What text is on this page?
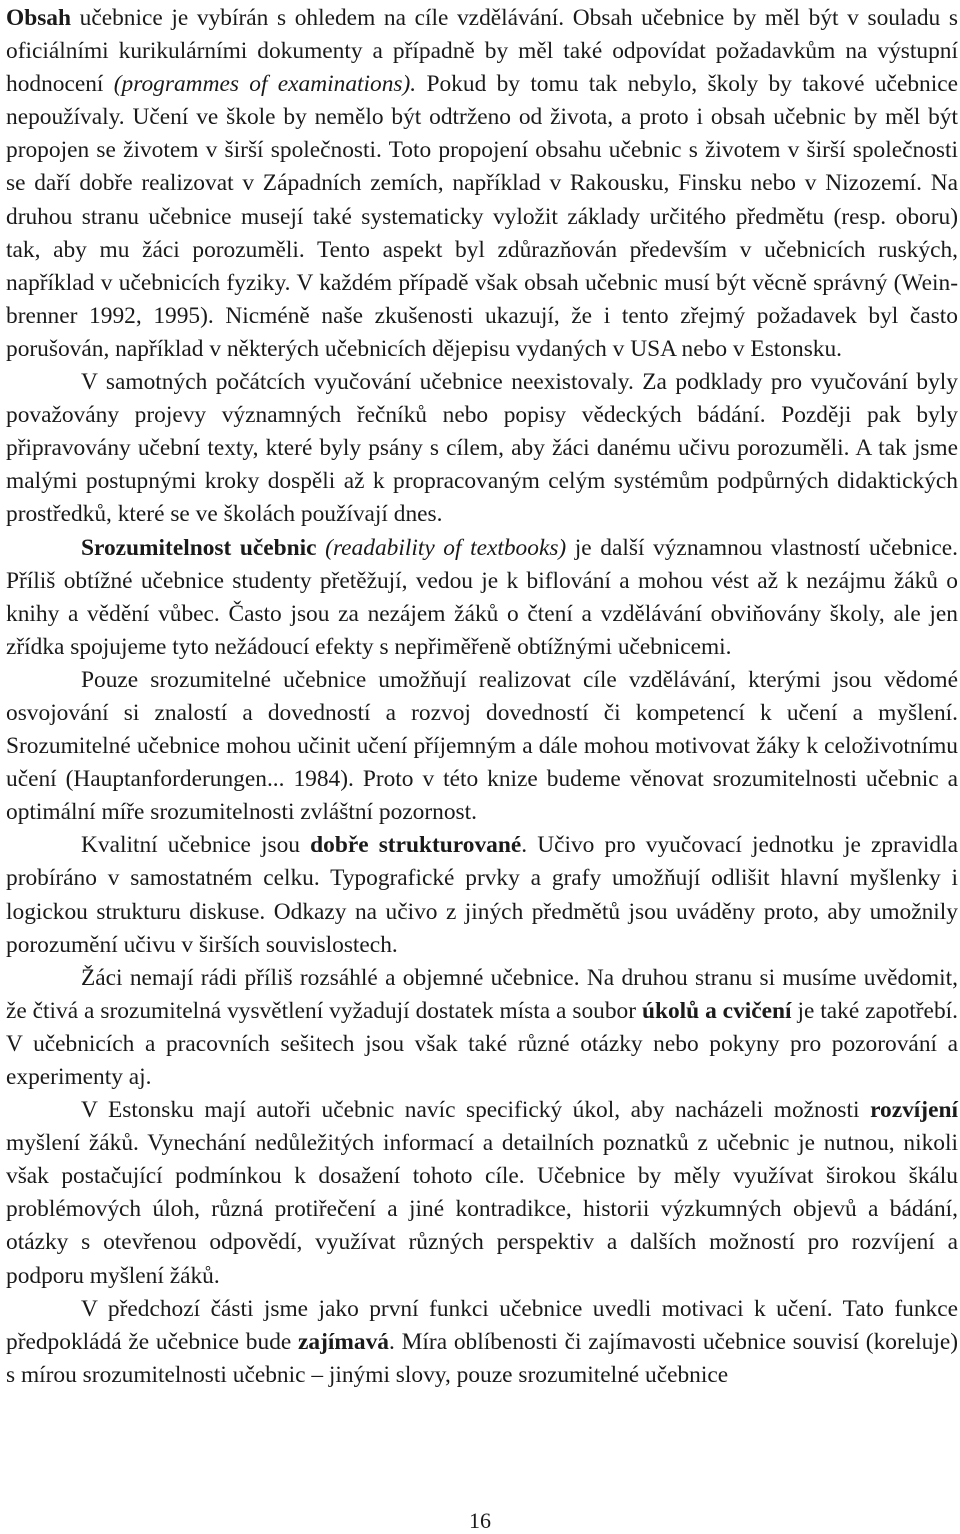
Obsah učebnice je vybírán s ohledem na cíle vzdělávání. Obsah učebnice by měl být v souladu s oficiálními kurikulárními dokumenty a případně by měl také odpovídat požadavkům na výstupní hodnocení (programmes of examinations). Pokud by tomu tak nebylo, školy by takové učebnice nepoužívaly. Učení ve škole by nemělo být odtrženo od života, a proto i obsah učebnic by měl být propojen se životem v širší společnosti. Toto propojení obsahu učebnic s životem v širší společnosti se daří dobře realizovat v Západních zemích, například v Rakousku, Finsku nebo v Nizozemí. Na druhou stranu učebnice musejí také systematicky vyložit základy určitého předmětu (resp. oboru) tak, aby mu žáci porozuměli. Tento aspekt byl zdůrazňován především v učebnicích ruských, například v učebnicích fyziky. V každém případě však obsah učebnic musí být věcně správný (Weinbrenner 1992, 1995). Nicméně naše zkušenosti ukazují, že i tento zřejmý požadavek byl často porušován, například v některých učebnicích dějepisu vydaných v USA nebo v Estonsku.

V samotných počátcích vyučování učebnice neexistovaly. Za podklady pro vyučování byly považovány projevy významných řečníků nebo popisy vědeckých bádání. Později pak byly připravovány učební texty, které byly psány s cílem, aby žáci danému učivu porozuměli. A tak jsme malými postupnými kroky dospěli až k propracovaným celým systémům podpůrných didaktických prostředků, které se ve školách používají dnes.

Srozumitelnost učebnic (readability of textbooks) je další významnou vlastností učebnice. Příliš obtížné učebnice studenty přetěžují, vedou je k biflování a mohou vést až k nezájmu žáků o knihy a vědění vůbec. Často jsou za nezájem žáků o čtení a vzdělávání obviňovány školy, ale jen zřídka spojujeme tyto nežádoucí efekty s nepřiměřeně obtížnými učebnicemi.

Pouze srozumitelné učebnice umožňují realizovat cíle vzdělávání, kterými jsou vědomé osvojování si znalostí a dovedností a rozvoj dovedností či kompetencí k učení a myšlení. Srozumitelné učebnice mohou učinit učení příjemným a dále mohou motivovat žáky k celoživotnímu učení (Hauptanforderungen... 1984). Proto v této knize budeme věnovat srozumitelnosti učebnic a optimální míře srozumitelnosti zvláštní pozornost.

Kvalitní učebnice jsou dobře strukturované. Učivo pro vyučovací jednotku je zpravidla probíráno v samostatném celku. Typografické prvky a grafy umožňují odlišit hlavní myšlenky i logickou strukturu diskuse. Odkazy na učivo z jiných předmětů jsou uváděny proto, aby umožnily porozumění učivu v širších souvislostech.

Žáci nemají rádi příliš rozsáhlé a objemné učebnice. Na druhou stranu si musíme uvědomit, že čtivá a srozumitelná vysvětlení vyžadují dostatek místa a soubor úkolů a cvičení je také zapotřebí. V učebnicích a pracovních sešitech jsou však také různé otázky nebo pokyny pro pozorování a experimenty aj.

V Estonsku mají autoři učebnic navíc specifický úkol, aby nacházeli možnosti rozvíjení myšlení žáků. Vynechání nedůležitých informací a detailních poznatků z učebnic je nutnou, nikoli však postačující podmínkou k dosažení tohoto cíle. Učebnice by měly využívat širokou škálu problémových úloh, různá protiřečení a jiné kontradikce, historii výzkumných objevů a bádání, otázky s otevřenou odpovědí, využívat různých perspektiv a dalších možností pro rozvíjení a podporu myšlení žáků.

V předchozí části jsme jako první funkci učebnice uvedli motivaci k učení. Tato funkce předpokládá že učebnice bude zajímavá. Míra oblíbenosti či zajímavosti učebnice souvisí (koreluje) s mírou srozumitelnosti učebnic – jinými slovy, pouze srozumitelné učebnice

16
